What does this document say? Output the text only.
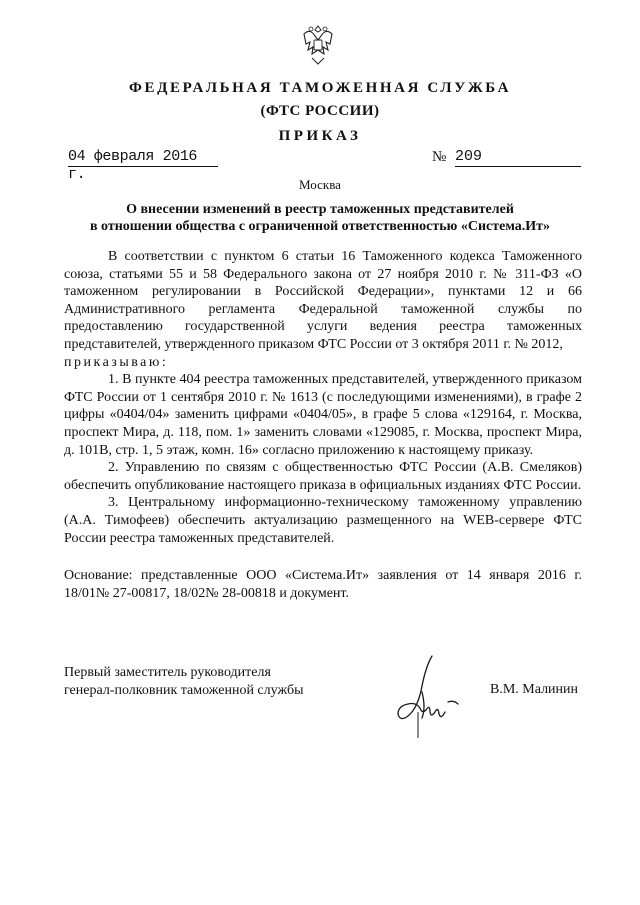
ФЕДЕРАЛЬНАЯ ТАМОЖЕННАЯ СЛУЖБА
(ФТС РОССИИ)
ПРИКАЗ
04 февраля 2016 г.
№ 209
Москва
О внесении изменений в реестр таможенных представителей
в отношении общества с ограниченной ответственностью «Система.Ит»

В соответствии с пунктом 6 статьи 16 Таможенного кодекса Таможенного союза, статьями 55 и 58 Федерального закона от 27 ноября 2010 г. № 311-ФЗ «О таможенном регулировании в Российской Федерации», пунктами 12 и 66 Административного регламента Федеральной таможенной службы по предоставлению государственной услуги ведения реестра таможенных представителей, утвержденного приказом ФТС России от 3 октября 2011 г. № 2012,

приказываю:

1. В пункте 404 реестра таможенных представителей, утвержденного приказом ФТС России от 1 сентября 2010 г. № 1613 (с последующими изменениями), в графе 2 цифры «0404/04» заменить цифрами «0404/05», в графе 5 слова «129164, г. Москва, проспект Мира, д. 118, пом. 1» заменить словами «129085, г. Москва, проспект Мира, д. 101В, стр. 1, 5 этаж, комн. 16» согласно приложению к настоящему приказу.

2. Управлению по связям с общественностью ФТС России (А.В. Смеляков) обеспечить опубликование настоящего приказа в официальных изданиях ФТС России.

3. Центральному информационно-техническому таможенному управлению (А.А. Тимофеев) обеспечить актуализацию размещенного на WEB-сервере ФТС России реестра таможенных представителей.

Основание: представленные ООО «Система.Ит» заявления от 14 января 2016 г. 18/01№ 27-00817, 18/02№ 28-00818 и документ.

Первый заместитель руководителя
генерал-полковник таможенной службы	В.М. Малинин
